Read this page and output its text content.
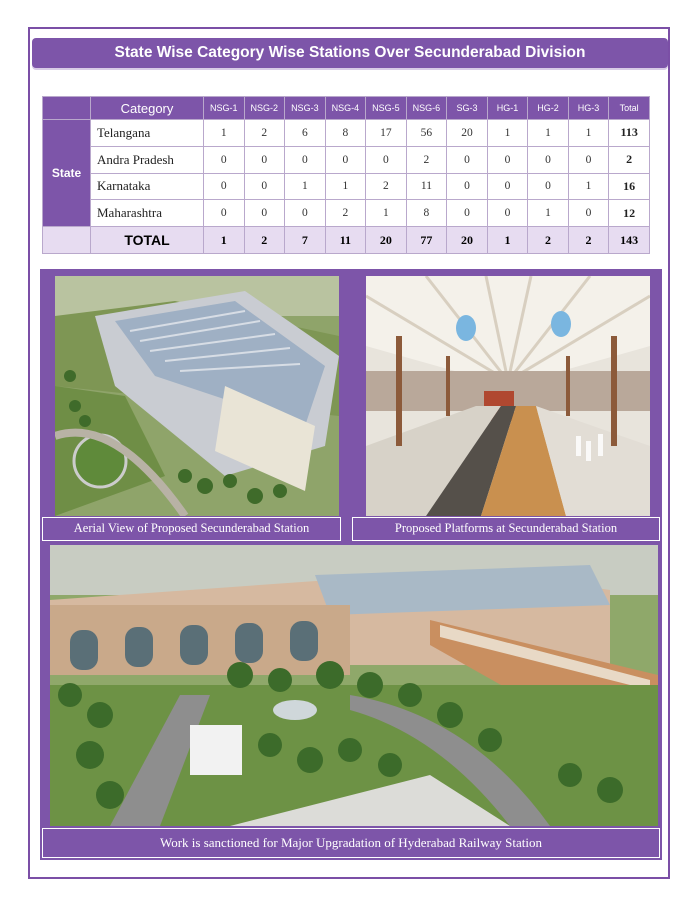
State Wise Category Wise Stations Over Secunderabad Division
	Category	NSG-1	NSG-2	NSG-3	NSG-4	NSG-5	NSG-6	SG-3	HG-1	HG-2	HG-3	Total
State	Telangana	1	2	6	8	17	56	20	1	1	1	113
	Andra Pradesh	0	0	0	0	0	2	0	0	0	0	2
	Karnataka	0	0	1	1	2	11	0	0	0	1	16
	Maharashtra	0	0	0	2	1	8	0	0	1	0	12
	TOTAL	1	2	7	11	20	77	20	1	2	2	143
Aerial View of Proposed Secunderabad Station	Proposed Platforms at Secunderabad Station
Work is sanctioned for Major Upgradation of Hyderabad Railway Station
